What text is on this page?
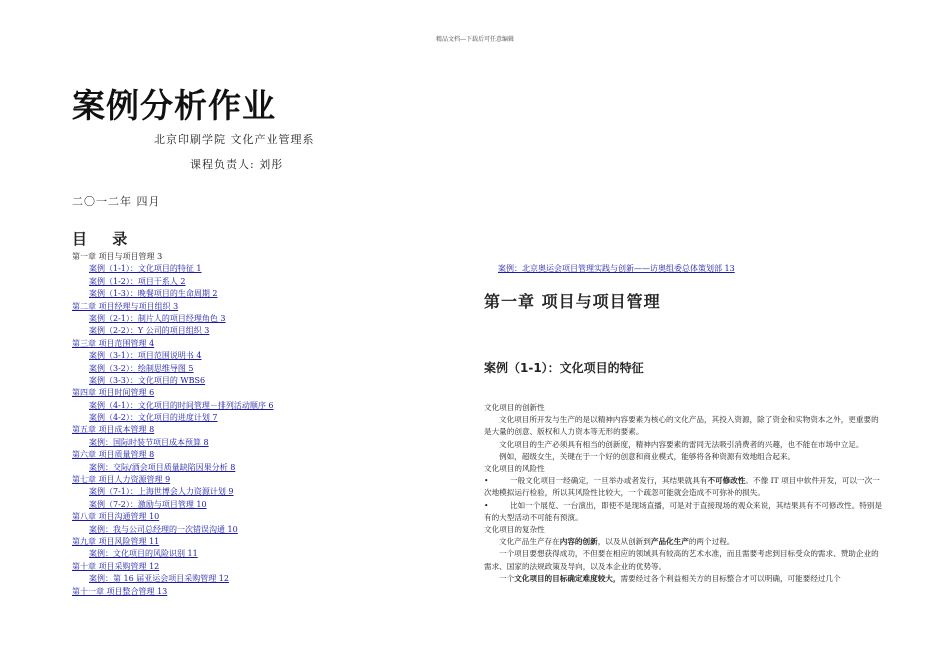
精品文档---下载后可任意编辑
案例分析作业
北京印刷学院 文化产业管理系
课程负责人: 刘彤
二〇一二年 四月
目 录
第一章 项目与项目管理 3
案例（1-1）：文化项目的特征 1
案例（1-2）：项目干系人 2
案例（1-3）：晚餐项目的生命周期 2
第二章 项目经理与项目组织 3
案例（2-1）：制片人的项目经理角色 3
案例（2-2）：Y 公司的项目组织 3
第三章 项目范围管理 4
案例（3-1）：项目范围说明书 4
案例（3-2）：绘制思维导图 5
案例（3-3）：文化项目的 WBS6
第四章 项目时间管理 6
案例（4-1）：文化项目的时间管理－排列活动顺序 6
案例（4-2）：文化项目的进度计划 7
第五章 项目成本管理 8
案例：国际时装节项目成本预算 8
第六章 项目质量管理 8
案例：交际/酒会项目质量缺陷因果分析 8
第七章 项目人力资源管理 9
案例（7-1）：上海世博会人力资源计划 9
案例（7-2）：激励与项目管理 10
第八章 项目沟通管理 10
案例：我与公司总经理的一次错误沟通 10
第九章 项目风险管理 11
案例：文化项目的风险识别 11
第十章 项目采购管理 12
案例：第 16 届亚运会项目采购管理 12
第十一章 项目整合管理 13
案例：北京奥运会项目管理实践与创新——访奥组委总体策划部 13
第一章 项目与项目管理
案例（1-1）：文化项目的特征
文化项目的创新性
文化项目所开发与生产的是以精神内容要素为核心的文化产品，其投入资源，除了资金和实物资本之外，更重要的是大量的创意、版权和人力资本等无形的要素。
文化项目的生产必须具有相当的创新度，精神内容要素的雷同无法吸引消费者的兴趣，也不能在市场中立足。
例如，超级女生，关键在于一个好的创意和商业模式，能够将各种资源有效地组合起来。
文化项目的风险性
•	一般文化项目一经确定，一旦举办或者发行，其结果就具有不可修改性。不像 IT 项目中软件开发，可以一次一次地模拟运行检验，所以其风险性比较大，一个疏忽可能就会造成不可弥补的损失。
•	比如一个展览、一台演出，即使不是现场直播，可是对于直接现场的观众来说，其结果具有不可修改性。特别是有的大型活动不可能有预演。
文化项目的复杂性
文化产品生产存在内容的创新，以及从创新到产品化生产的两个过程。
一个项目要想获得成功，不但要在相应的领域具有较高的艺术水准，而且需要考虑到目标受众的需求、赞助企业的需求、国家的法规政策及导向，以及本企业的优势等。
一个文化项目的目标确定难度较大，需要经过各个利益相关方的目标整合才可以明确，可能要经过几个
